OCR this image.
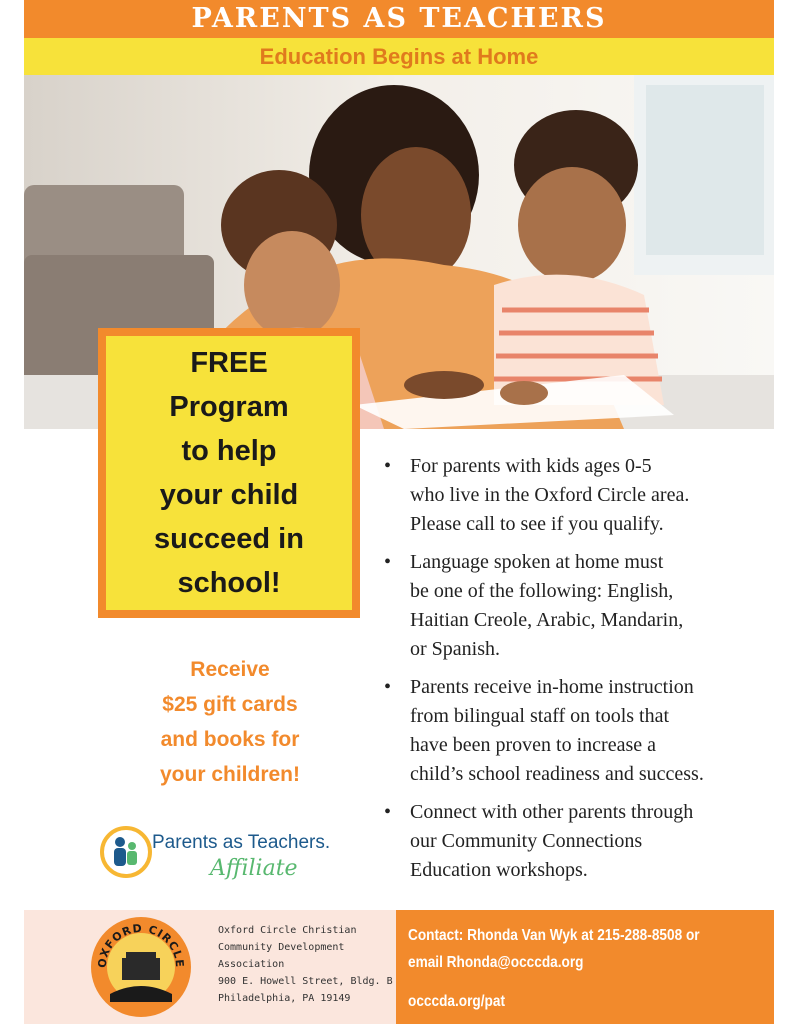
PARENTS AS TEACHERS
Education Begins at Home
FREE
Program
to help
your child
succeed in
school!
Receive
$25 gift cards
and books for
your children!
• For parents with kids ages 0-5
who live in the Oxford Circle area.
Please call to see if you qualify.
• Language spoken at home must
be one of the following: English,
Haitian Creole, Arabic, Mandarin,
or Spanish.
• Parents receive in-home instruction
from bilingual staff on tools that
have been proven to increase a
child’s school readiness and success.
• Connect with other parents through
our Community Connections
Education workshops.
Parents as Teachers.
Affiliate
OXFORD CIRCLE
Oxford Circle Christian
Community Development
Association
900 E. Howell Street, Bldg. B
Philadelphia, PA 19149
Contact: Rhonda Van Wyk at 215-288-8508 or
email Rhonda@occcda.org
occcda.org/pat
